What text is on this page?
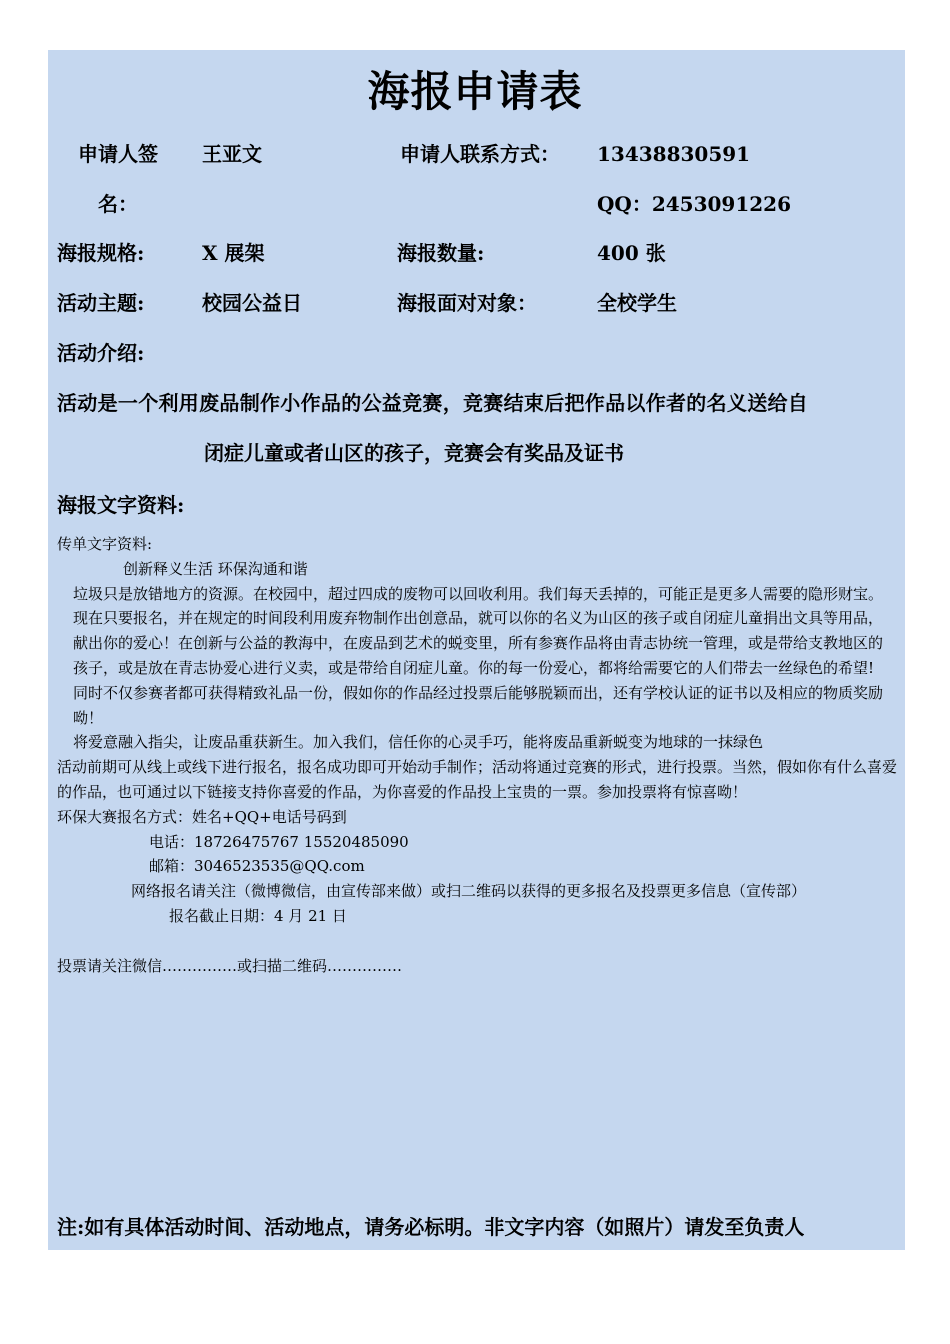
海报申请表
申请人签
名：
王亚文	申请人联系方式： 13438830591
QQ：2453091226
海报规格:	X 展架	海报数量:	400 张
活动主题:	校园公益日	海报面对对象：	全校学生
活动介绍:
活动是一个利用废品制作小作品的公益竞赛，竞赛结束后把作品以作者的名义送给自
闭症儿童或者山区的孩子，竞赛会有奖品及证书
海报文字资料:

传单文字资料:

创新释义生活 环保沟通和谐

垃圾只是放错地方的资源。在校园中，超过四成的废物可以回收利用。我们每天丢掉的，可能正是更多人需要的隐形财宝。

现在只要报名，并在规定的时间段利用废弃物制作出创意品，就可以你的名义为山区的孩子或自闭症儿童捐出文具等用品，献出你的爱心！在创新与公益的教海中，在废品到艺术的蜕变里，所有参赛作品将由青志协统一管理，或是带给支教地区的孩子，或是放在青志协爱心进行义卖，或是带给自闭症儿童。你的每一份爱心，都将给需要它的人们带去一丝绿色的希望!

同时不仅参赛者都可获得精致礼品一份，假如你的作品经过投票后能够脱颖而出，还有学校认证的证书以及相应的物质奖励呦！

将爱意融入指尖，让废品重获新生。加入我们，信任你的心灵手巧，能将废品重新蜕变为地球的一抹绿色

活动前期可从线上或线下进行报名，报名成功即可开始动手制作；活动将通过竞赛的形式，进行投票。当然，假如你有什么喜爱的作品，也可通过以下链接支持你喜爱的作品，为你喜爱的作品投上宝贵的一票。参加投票将有惊喜呦！

环保大赛报名方式：姓名+QQ+电话号码到

电话：18726475767 15520485090

邮箱：3046523535@QQ.com

网络报名请关注（微博微信，由宣传部来做）或扫二维码以获得的更多报名及投票更多信息（宣传部）

报名截止日期：4 月 21 日

投票请关注微信……………或扫描二维码……………

注:如有具体活动时间、活动地点，请务必标明。非文字内容（如照片）请发至负责人
